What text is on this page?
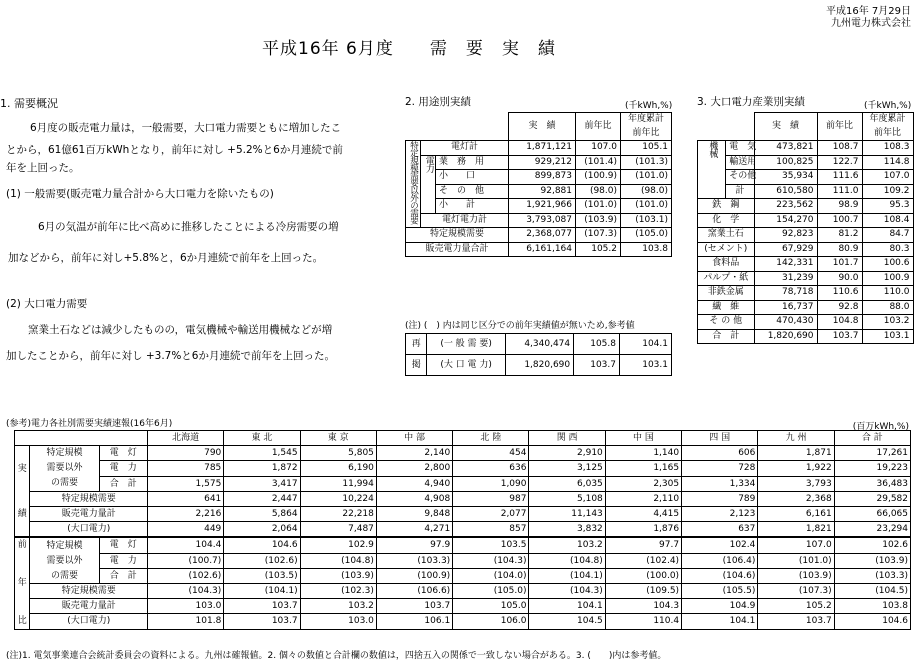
平成16年 7月29日
九州電力株式会社
平成16年 6月度　　需　要　実　績
1. 需要概況
6月度の販売電力量は，一般需要，大口電力需要ともに増加したこ
とから，61億61百万kWhとなり，前年に対し +5.2%と6か月連続で前
年を上回った。
(1) 一般需要(販売電力量合計から大口電力を除いたもの)
6月の気温が前年に比べ高めに推移したことによる冷房需要の増
加などから，前年に対し+5.8%と，6か月連続で前年を上回った。
(2) 大口電力需要
窯業土石などは減少したものの，電気機械や輸送用機械などが増
加したことから，前年に対し +3.7%と6か月連続で前年を上回った。
2. 用途別実績	(千kWh,%)
			実　績	前年比	年度累計
					前年比
特定規模需要以外の需要	電灯計		1,871,121	107.0	105.1
	電力	業　務　用	929,212	(101.4)	(101.3)
		小　　口	899,873	(100.9)	(101.0)
		そ　の　他	92,881	(98.0)	(98.0)
		小　　計	1,921,966	(101.0)	(101.0)
	電灯電力計		3,793,087	(103.9)	(103.1)
特定規模需要			2,368,077	(107.3)	(105.0)
販売電力量合計			6,161,164	105.2	103.8
(注) (　) 内は同じ区分での前年実績値が無いため,参考値
再	(一 般 需 要)	4,340,474	105.8	104.1
掲	(大 口 電 力)	1,820,690	103.7	103.1
3. 大口電力産業別実績	(千kWh,%)
		実　績	前年比	年度累計
				前年比
機械	電　気	473,821	108.7	108.3
	輸送用	100,825	122.7	114.8
	その他	35,934	111.6	107.0
	計	610,580	111.0	109.2
鉄　鋼		223,562	98.9	95.3
化　学		154,270	100.7	108.4
窯業土石		92,823	81.2	84.7
(セメント)		67,929	80.9	80.3
食料品		142,331	101.7	100.6
パルプ・紙		31,239	90.0	100.9
非鉄金属		78,718	110.6	110.0
繊　維		16,737	92.8	88.0
そ の 他		470,430	104.8	103.2
合　計		1,820,690	103.7	103.1
(参考)電力各社別需要実績速報(16年6月)	(百万kWh,%)
			北海道	東 北	東 京	中 部	北 陸	関 西	中 国	四 国	九 州	合 計
実	特定規模	電　灯	790	1,545	5,805	2,140	454	2,910	1,140	606	1,871	17,261
	需要以外	電　力	785	1,872	6,190	2,800	636	3,125	1,165	728	1,922	19,223
	の需要	合　計	1,575	3,417	11,994	4,940	1,090	6,035	2,305	1,334	3,793	36,483
績	特定規模需要		641	2,447	10,224	4,908	987	5,108	2,110	789	2,368	29,582
	販売電力量計		2,216	5,864	22,218	9,848	2,077	11,143	4,415	2,123	6,161	66,065
	(大口電力)		449	2,064	7,487	4,271	857	3,832	1,876	637	1,821	23,294
前	特定規模	電　灯	104.4	104.6	102.9	97.9	103.5	103.2	97.7	102.4	107.0	102.6
	需要以外	電　力	(100.7)	(102.6)	(104.8)	(103.3)	(104.3)	(104.8)	(102.4)	(106.4)	(101.0)	(103.9)
年	の需要	合　計	(102.6)	(103.5)	(103.9)	(100.9)	(104.0)	(104.1)	(100.0)	(104.6)	(103.9)	(103.3)
	特定規模需要		(104.3)	(104.1)	(102.3)	(106.6)	(105.0)	(104.3)	(109.5)	(105.5)	(107.3)	(104.5)
比	販売電力量計		103.0	103.7	103.2	103.7	105.0	104.1	104.3	104.9	105.2	103.8
	(大口電力)		101.8	103.7	103.0	106.1	106.0	104.5	110.4	104.1	103.7	104.6
(注)1. 電気事業連合会統計委員会の資料による。九州は確報値。2. 個々の数値と合計欄の数値は，四捨五入の関係で一致しない場合がある。3. (　　)内は参考値。
